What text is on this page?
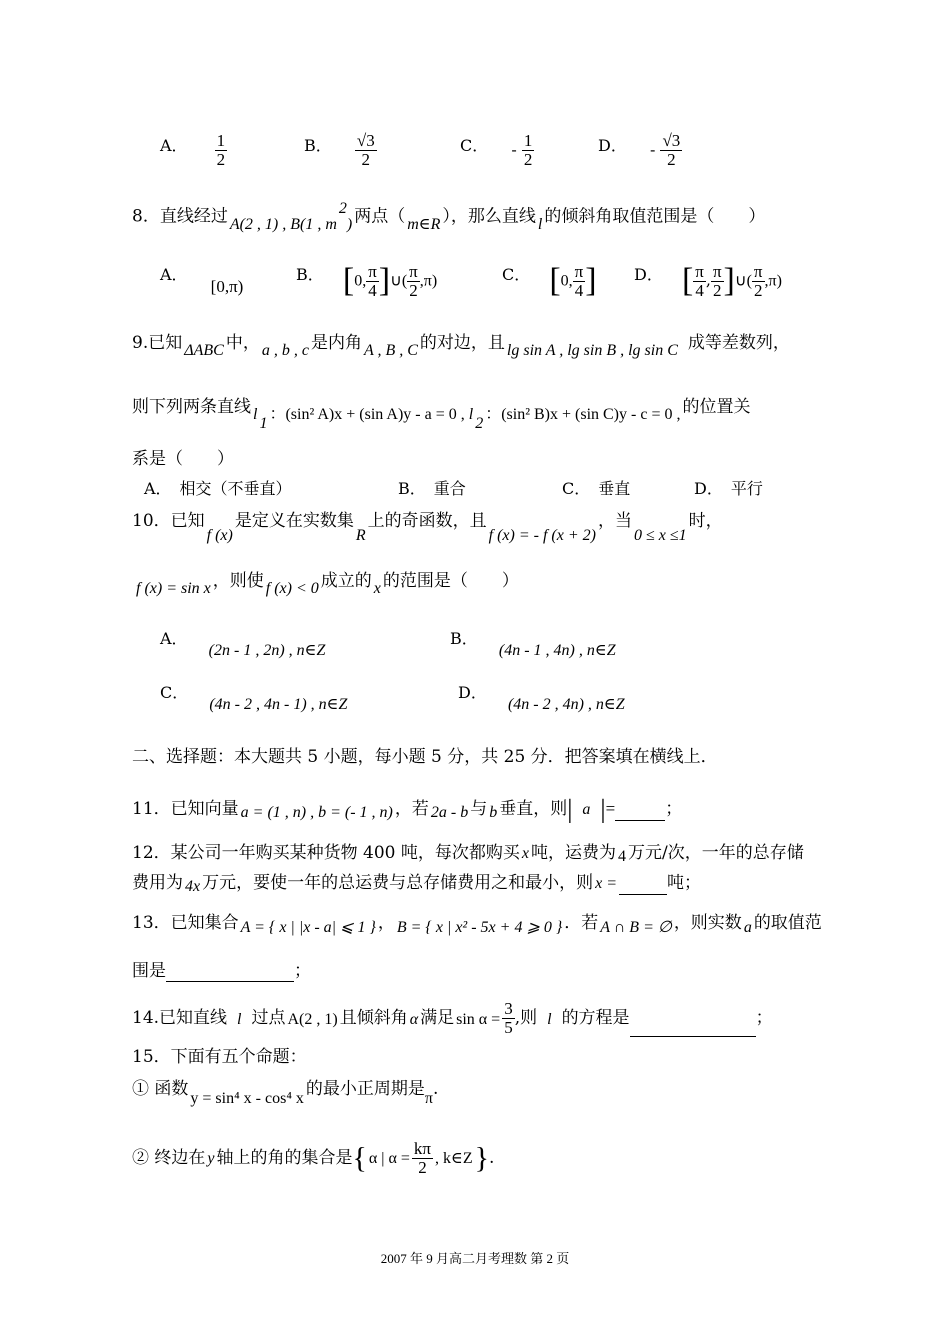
A． $\frac{1}{2}$	B． $\frac{√3}{2}$	C． - $\frac{1}{2}$	D． - $\frac{√3}{2}$
8．直线经过 A(2 , 1) , B(1 , $m^2$) 两点（ m∈R ），那么直线 l 的倾斜角取值范围是（　　）
A． [0,π)
B． [0, $\frac{\pi}{4}$ ]∪( $\frac{\pi}{2} ,\pi$)	C． [0, $\frac{\pi}{4}$ ] D． [ $\frac{\pi}{4}$ , $\frac{\pi}{2}$ ]∪( $\frac{\pi}{2} ,\pi$)
9.已知 ΔABC 中， a , b , c 是内角 A , B , C 的对边，且 lg sin A , lg sin B , lg sin C 成等差数列，
则下列两条直线 $l_1$：(sin² A)x + (sin A)y - a = 0 , $l_2$：(sin² B)x + (sin C)y - c = 0 , 的位置关
系是（　　）
A．　相交（不垂直）	B．　重合	C．　垂直	D．　平行
10．已知f (x)是定义在实数集R上的奇函数，且f (x) = - f (x + 2)，当0 ≤ x ≤1时，
f (x) = sin x ，则使 f (x) < 0 成立的 x 的范围是（　　）
A． (2n - 1 , 2n) , n∈Z
B． (4n - 1 , 4n) , n∈Z
C． (4n - 2 , 4n - 1) , n∈Z
D． (4n - 2 , 4n) , n∈Z
二、选择题：本大题共 5 小题，每小题 5 分，共 25 分．把答案填在横线上．
11．已知向量 a = (1 , n) , b = (- 1 , n) ，若 2a - b 与 b 垂直，则| a |=	；
12．某公司一年购买某种货物 400 吨，每次都购买 x 吨，运费为 4 万元/次，一年的总存储
费用为 4x 万元，要使一年的总运费与总存储费用之和最小，则 x =	吨；
13．已知集合 A = { x | |x - a| ⩽ 1 } ， B = { x | x² - 5x + 4 ⩾ 0 } ．若 A ∩ B = ∅ ，则实数 a 的取值范
围是	；
14.已知直线 l 过点 A(2 , 1) 且倾斜角 α 满足 $\sin \alpha = \frac{3}{5}$ ,则 l 的方程是	；
15．下面有五个命题：
① 函数 y = sin⁴ x - cos⁴ x 的最小正周期是π.
② 终边在 y 轴上的角的集合是{ α | $\alpha = \frac{k\pi}{2}$ , k∈Z}.
2007 年 9 月高二月考理数 第 2 页
